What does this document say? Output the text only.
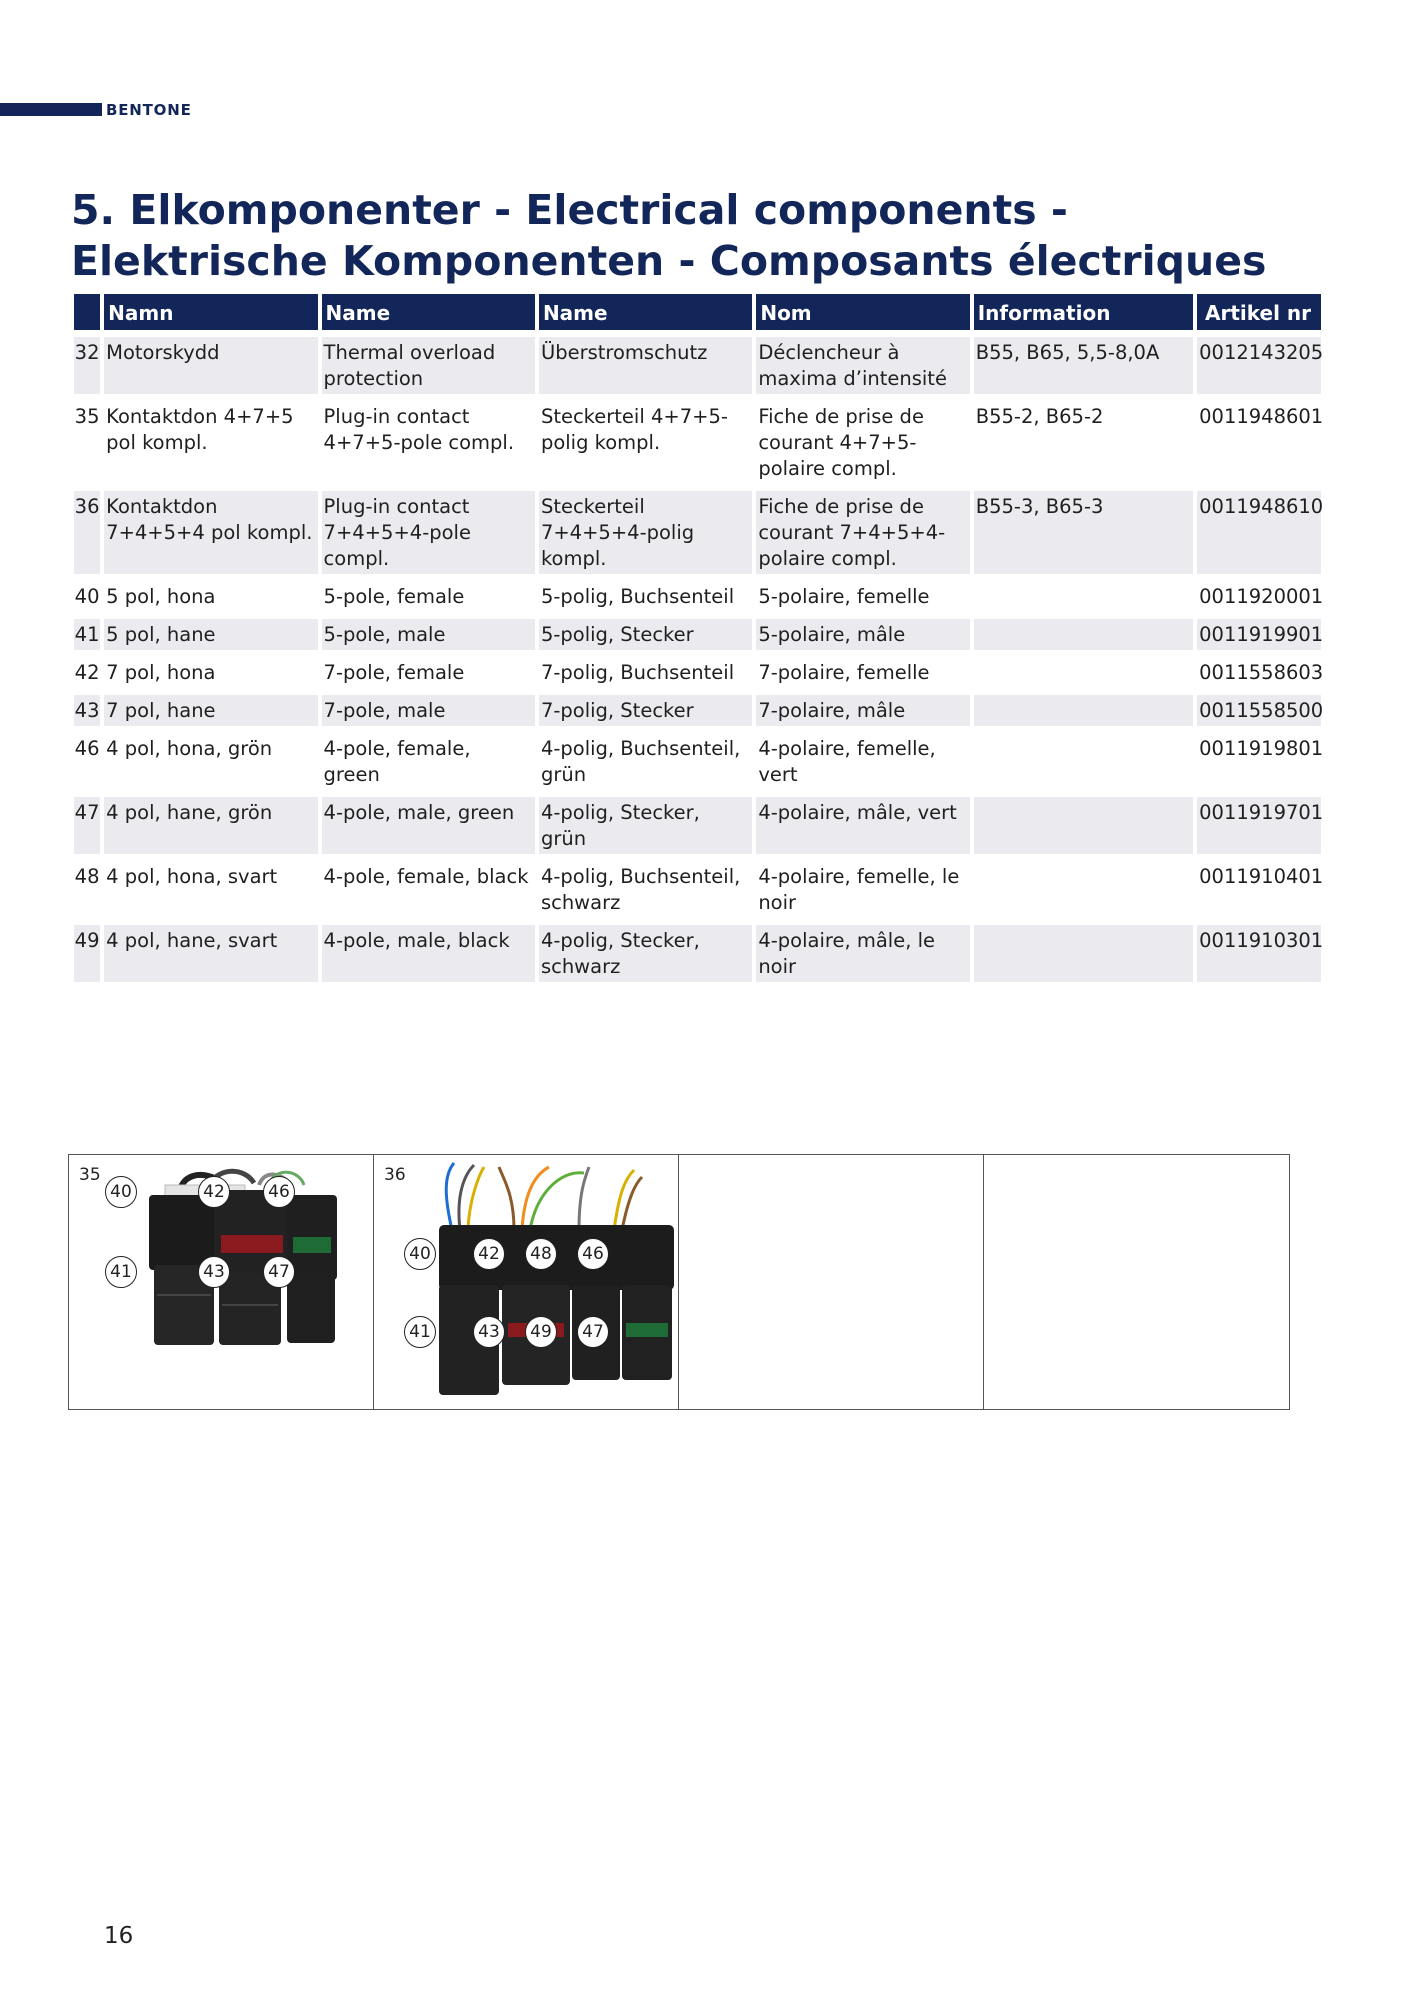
BENTONE
5. Elkomponenter - Electrical components - Elektrische Komponenten - Composants électriques
	Namn	Name	Name	Nom	Information	Artikel nr
32	Motorskydd	Thermal overload protection	Überstromschutz	Déclencheur à maxima d’intensité	B55, B65, 5,5-8,0A	0012143205
35	Kontaktdon 4+7+5 pol kompl.	Plug-in contact 4+7+5-pole compl.	Steckerteil 4+7+5-polig kompl.	Fiche de prise de courant 4+7+5-polaire compl.	B55-2, B65-2	0011948601
36	Kontaktdon 7+4+5+4 pol kompl.	Plug-in contact 7+4+5+4-pole compl.	Steckerteil 7+4+5+4-polig kompl.	Fiche de prise de courant 7+4+5+4-polaire compl.	B55-3, B65-3	0011948610
40	5 pol, hona	5-pole, female	5-polig, Buchsenteil	5-polaire, femelle		0011920001
41	5 pol, hane	5-pole, male	5-polig, Stecker	5-polaire, mâle		0011919901
42	7 pol, hona	7-pole, female	7-polig, Buchsenteil	7-polaire, femelle		0011558603
43	7 pol, hane	7-pole, male	7-polig, Stecker	7-polaire, mâle		0011558500
46	4 pol, hona, grön	4-pole, female, green	4-polig, Buchsenteil, grün	4-polaire, femelle, vert		0011919801
47	4 pol, hane, grön	4-pole, male, green	4-polig, Stecker, grün	4-polaire, mâle, vert		0011919701
48	4 pol, hona, svart	4-pole, female, black	4-polig, Buchsenteil, schwarz	4-polaire, femelle, le noir		0011910401
49	4 pol, hane, svart	4-pole, male, black	4-polig, Stecker, schwarz	4-polaire, mâle, le noir		0011910301
35
40	42	46
41	43	47
36
40	42	48	46
41	43	49	47
16
